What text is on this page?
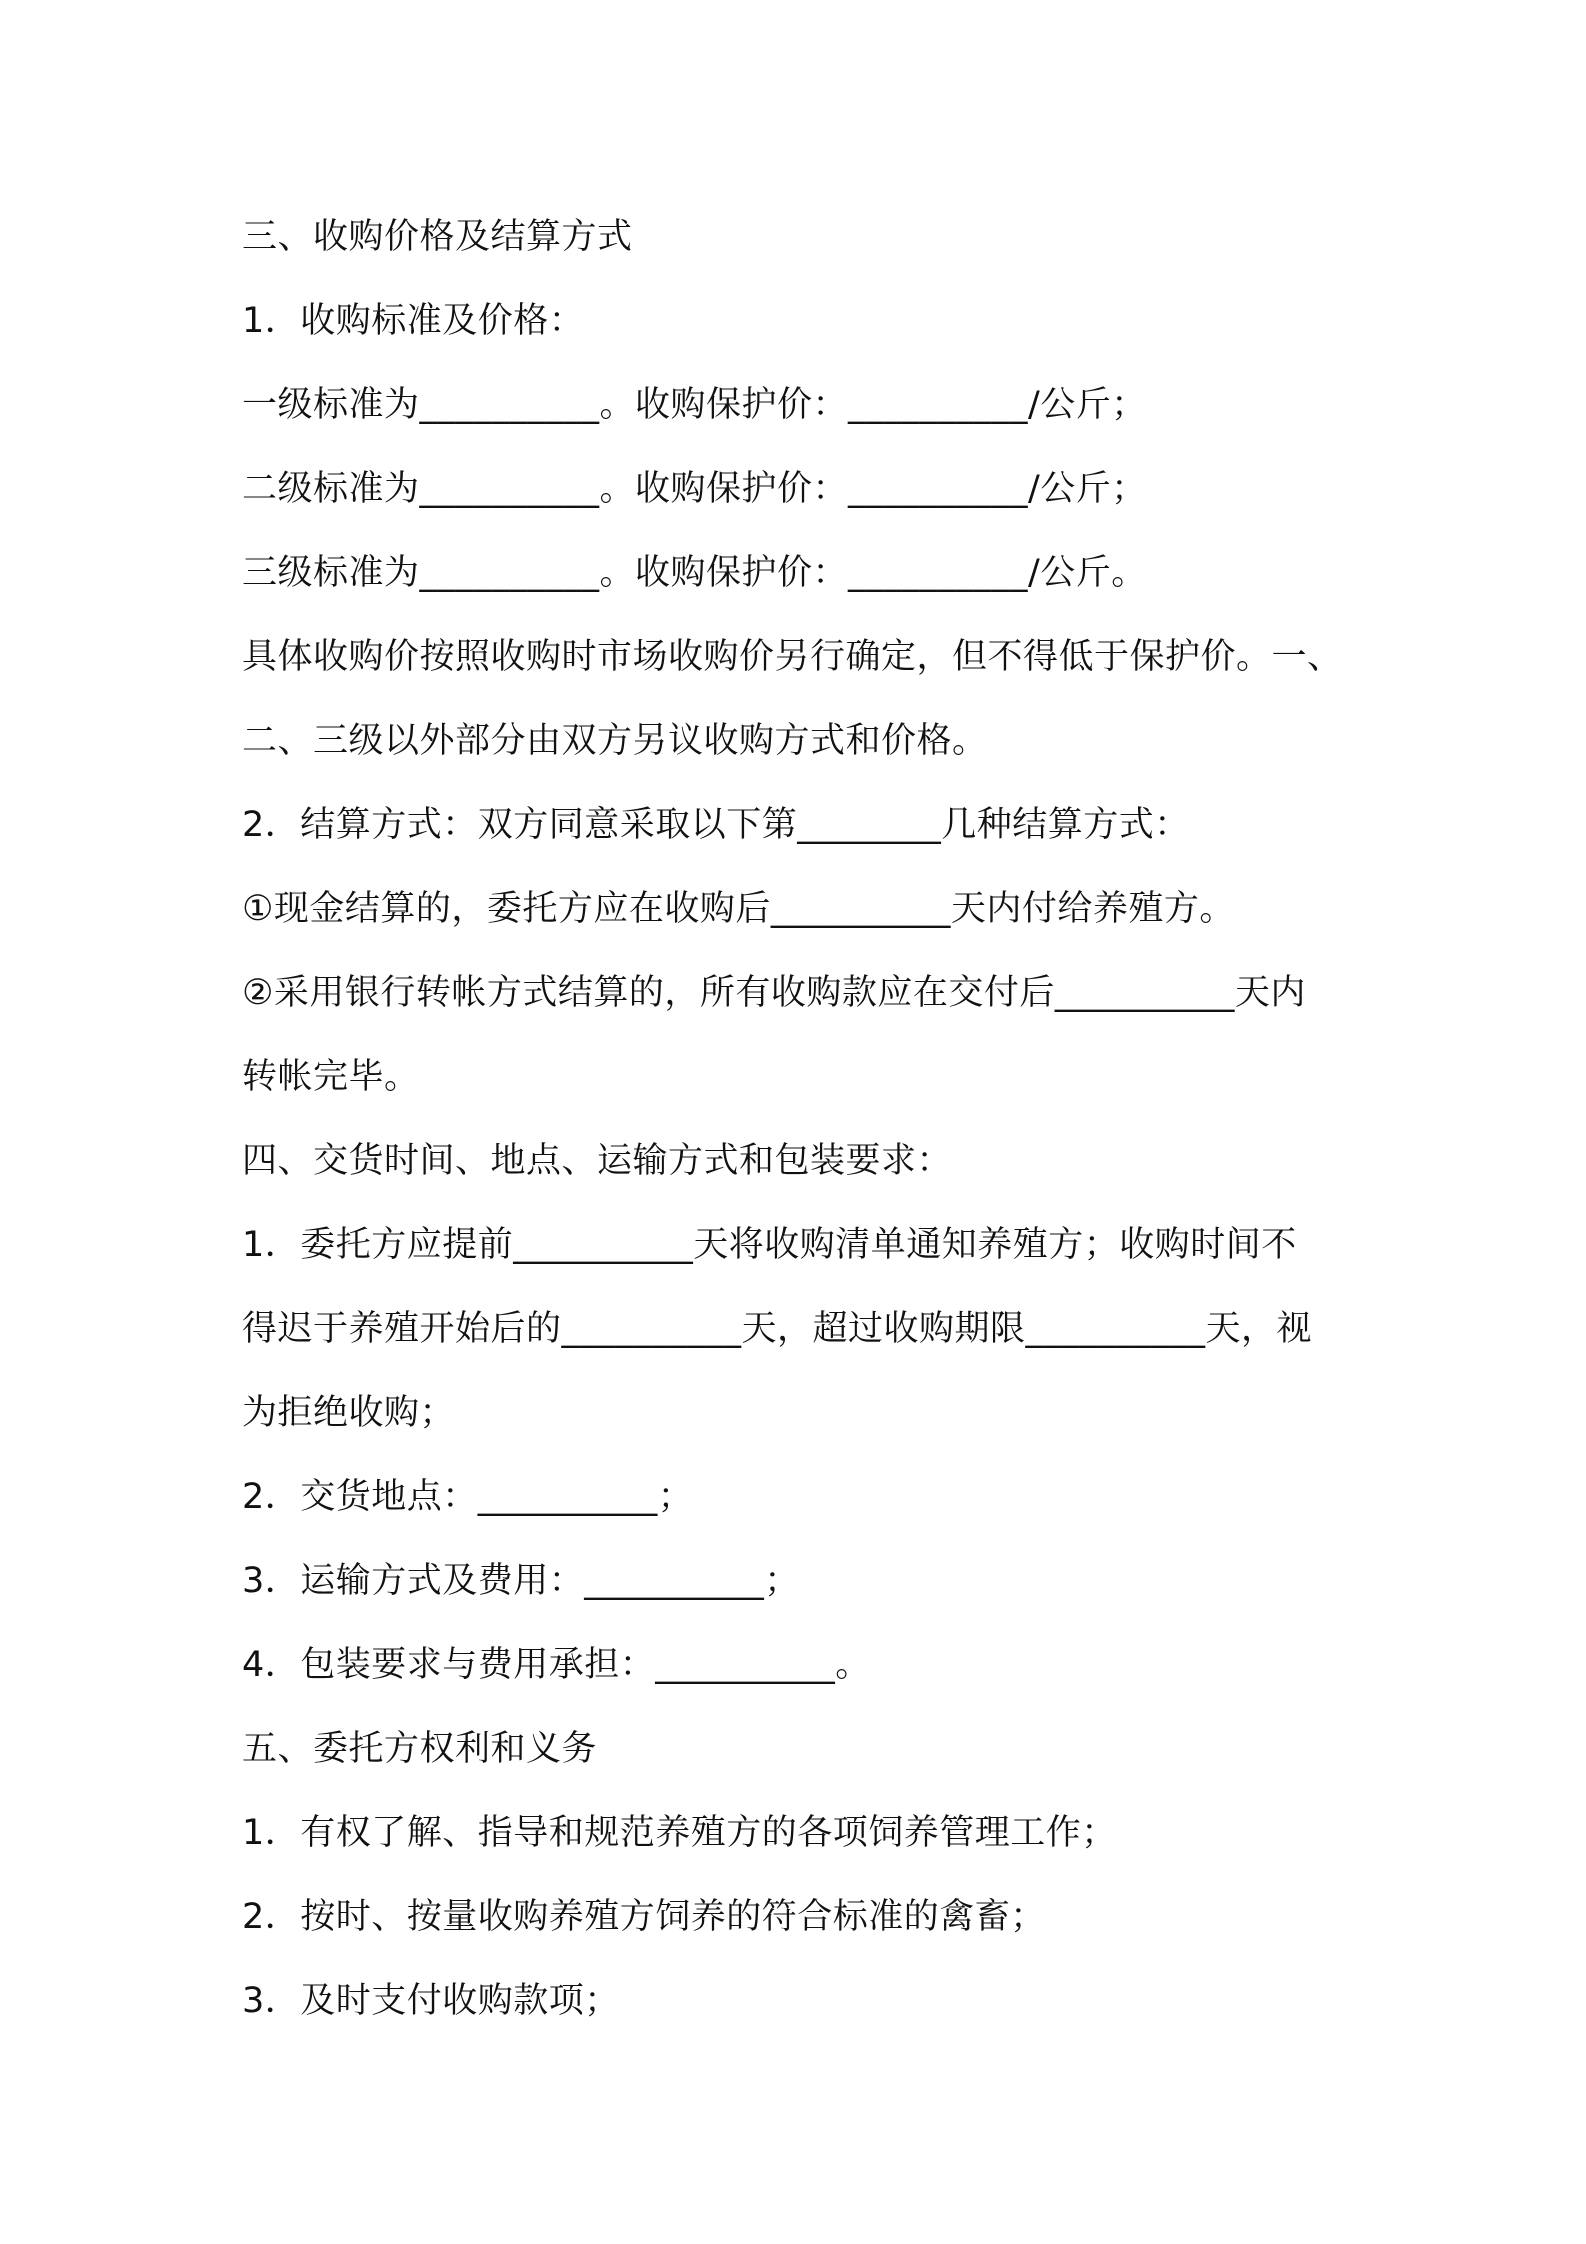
三、收购价格及结算方式
1．收购标准及价格：
一级标准为__________。收购保护价：__________/公斤；
二级标准为__________。收购保护价：__________/公斤；
三级标准为__________。收购保护价：__________/公斤。
具体收购价按照收购时市场收购价另行确定，但不得低于保护价。一、
二、三级以外部分由双方另议收购方式和价格。
2．结算方式：双方同意采取以下第________几种结算方式：
①现金结算的，委托方应在收购后__________天内付给养殖方。
②采用银行转帐方式结算的，所有收购款应在交付后__________天内
转帐完毕。
四、交货时间、地点、运输方式和包装要求：
1．委托方应提前__________天将收购清单通知养殖方；收购时间不
得迟于养殖开始后的__________天，超过收购期限__________天，视
为拒绝收购；
2．交货地点：__________；
3．运输方式及费用：__________；
4．包装要求与费用承担：__________。
五、委托方权利和义务
1．有权了解、指导和规范养殖方的各项饲养管理工作；
2．按时、按量收购养殖方饲养的符合标准的禽畜；
3．及时支付收购款项；
